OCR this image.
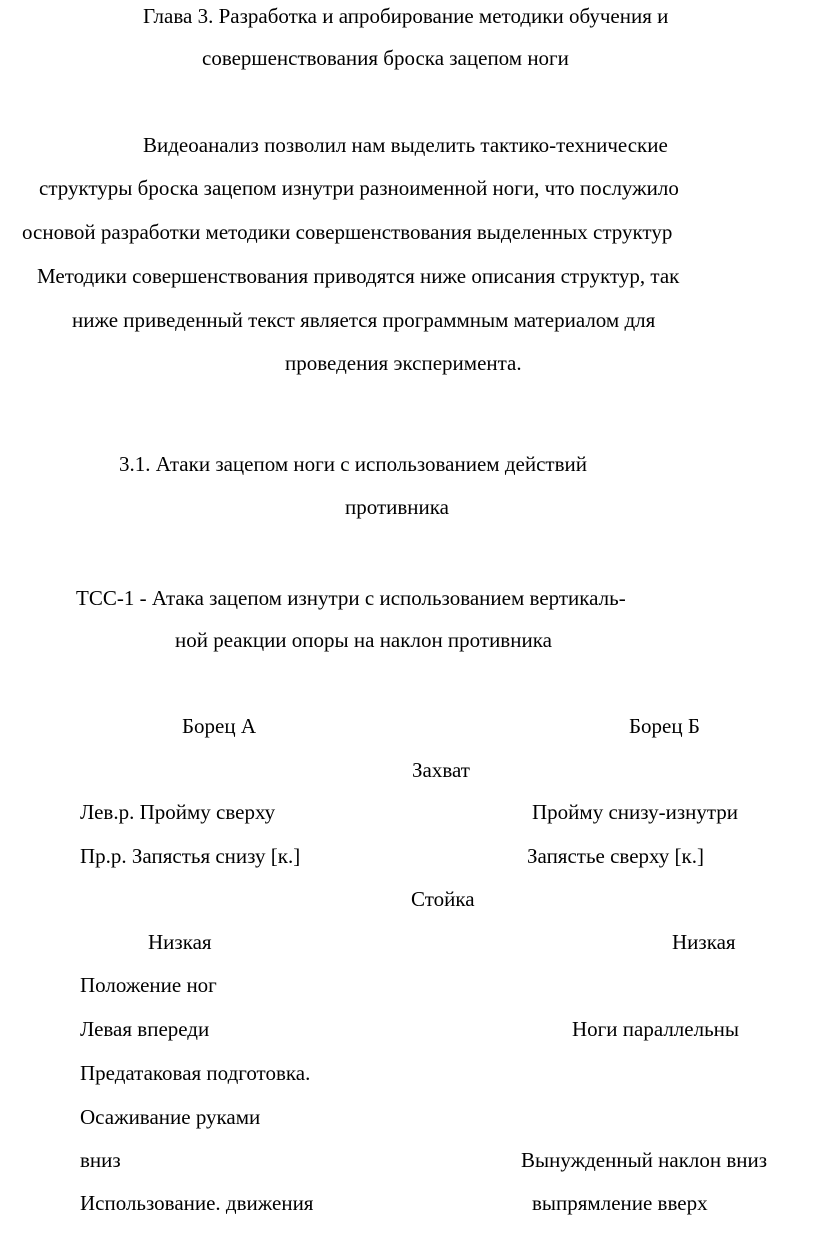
Глава 3. Разработка и апробирование методики обучения и
совершенствования броска зацепом ноги
Видеоанализ позволил нам выделить тактико-технические
структуры броска зацепом изнутри разноименной ноги, что послужило
основой разработки методики совершенствования выделенных структур
Методики совершенствования приводятся ниже описания структур, так
ниже приведенный текст является программным материалом для
проведения эксперимента.
3.1. Атаки зацепом ноги с использованием действий
противника
ТСС-1 - Атака зацепом изнутри с использованием вертикаль-
ной реакции опоры на наклон противника
Борец А	Борец Б
Захват
Лев.р. Пройму сверху	Пройму снизу-изнутри
Пр.р. Запястья снизу [к.]	Запястье сверху [к.]
Стойка
Низкая	Низкая
Положение ног
Левая впереди	Ноги параллельны
Предатаковая подготовка.
Осаживание руками
вниз	Вынужденный наклон вниз
Использование. движения	выпрямление вверх
